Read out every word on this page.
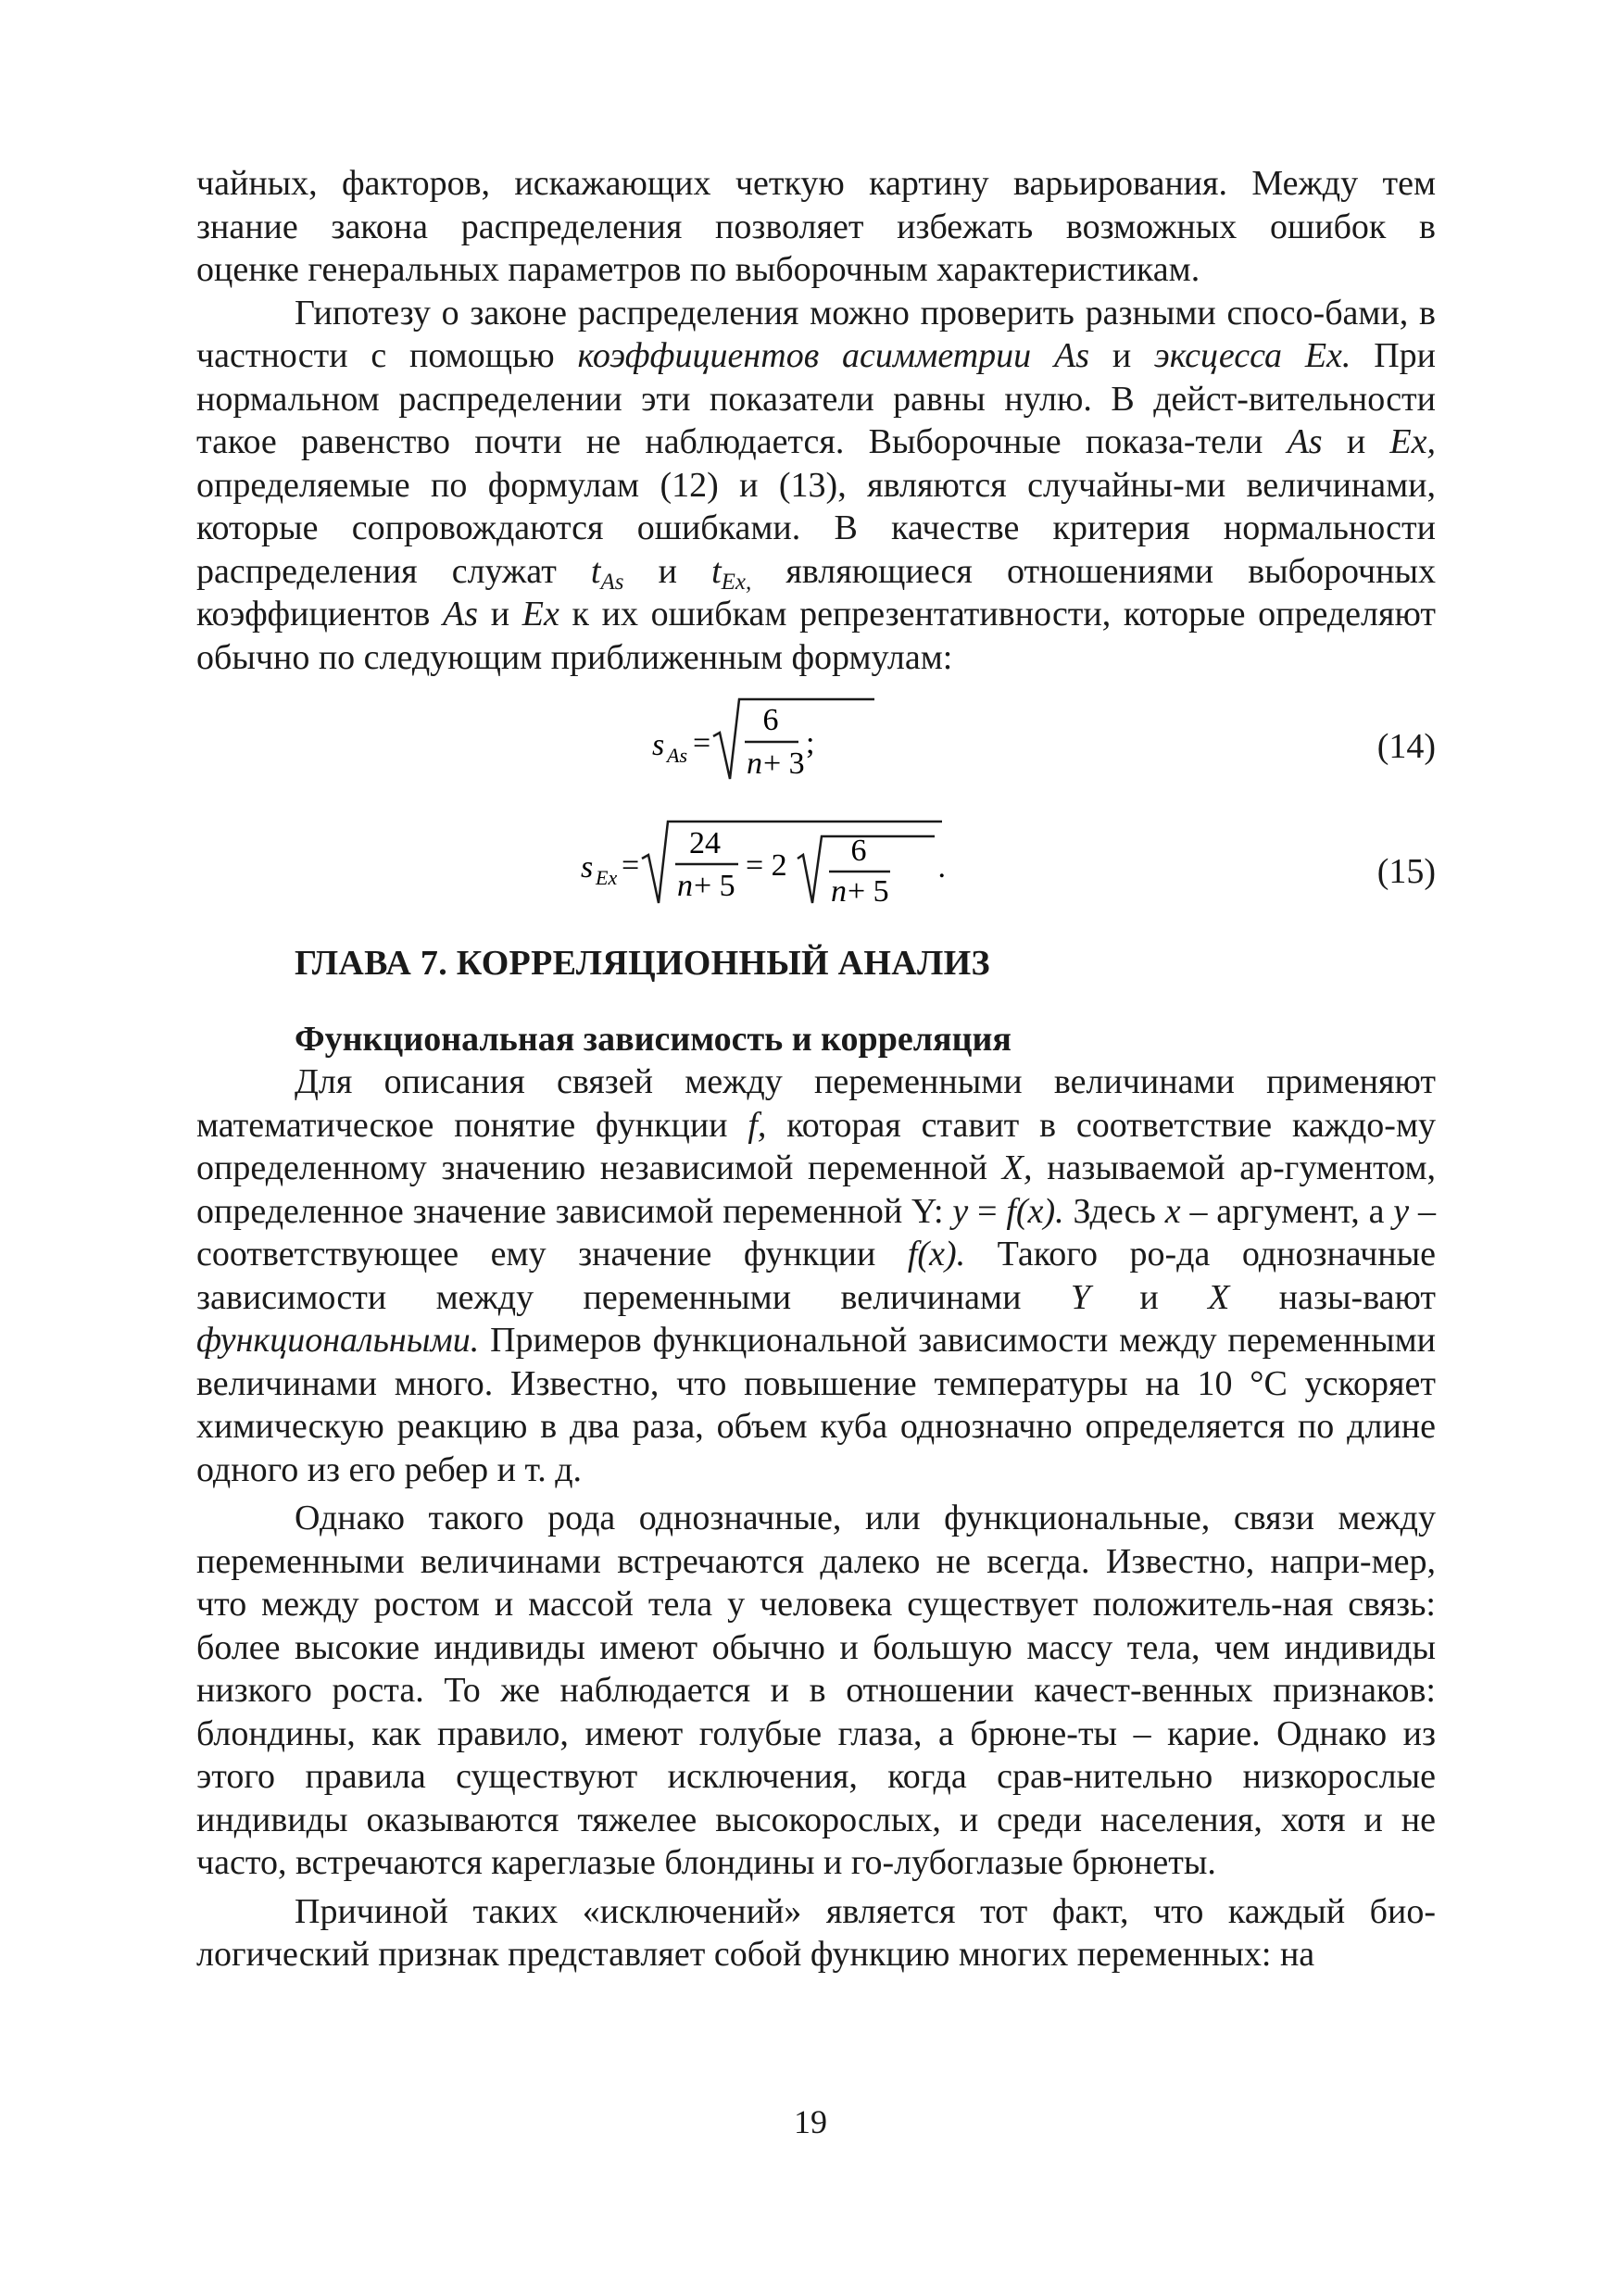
чайных, факторов, искажающих четкую картину варьирования. Между тем
знание закона распределения позволяет избежать возможных ошибок в
оценке генеральных параметров по выборочным характеристикам.

Гипотезу о законе распределения можно проверить разными спосо-бами, в частности с помощью коэффициентов асимметрии As и эксцесса Ex. При нормальном распределении эти показатели равны нулю. В дейст-вительности такое равенство почти не наблюдается. Выборочные показа-тели As и Ex, определяемые по формулам (12) и (13), являются случайны-ми величинами, которые сопровождаются ошибками. В качестве критерия нормальности распределения служат $t_{As}$ и $t_{Ex,}$ являющиеся отношениями выборочных коэффициентов As и Ex к их ошибкам репрезентативности, которые определяют обычно по следующим приближенным формулам:

s As =
6
n + 3
;	(14)
s Ex =
24
n + 5
= 2 6
n + 5
.	(15)
ГЛАВА 7. КОРРЕЛЯЦИОННЫЙ АНАЛИЗ
Функциональная зависимость и корреляция

Для описания связей между переменными величинами применяют математическое понятие функции f, которая ставит в соответствие каждо-му определенному значению независимой переменной X, называемой ар-гументом, определенное значение зависимой переменной Y: y = f(x). Здесь x – аргумент, а y – соответствующее ему значение функции f(x). Такого ро-да однозначные зависимости между переменными величинами Y и X назы-вают функциональными. Примеров функциональной зависимости между переменными величинами много. Известно, что повышение температуры на 10 °С ускоряет химическую реакцию в два раза, объем куба однозначно определяется по длине одного из его ребер и т. д.

Однако такого рода однозначные, или функциональные, связи между переменными величинами встречаются далеко не всегда. Известно, напри-мер, что между ростом и массой тела у человека существует положитель-ная связь: более высокие индивиды имеют обычно и большую массу тела, чем индивиды низкого роста. То же наблюдается и в отношении качест-венных признаков: блондины, как правило, имеют голубые глаза, а брюне-ты – карие. Однако из этого правила существуют исключения, когда срав-нительно низкорослые индивиды оказываются тяжелее высокорослых, и среди населения, хотя и не часто, встречаются кареглазые блондины и го-лубоглазые брюнеты.

Причиной таких «исключений» является тот факт, что каждый био-логический признак представляет собой функцию многих переменных: на

19
